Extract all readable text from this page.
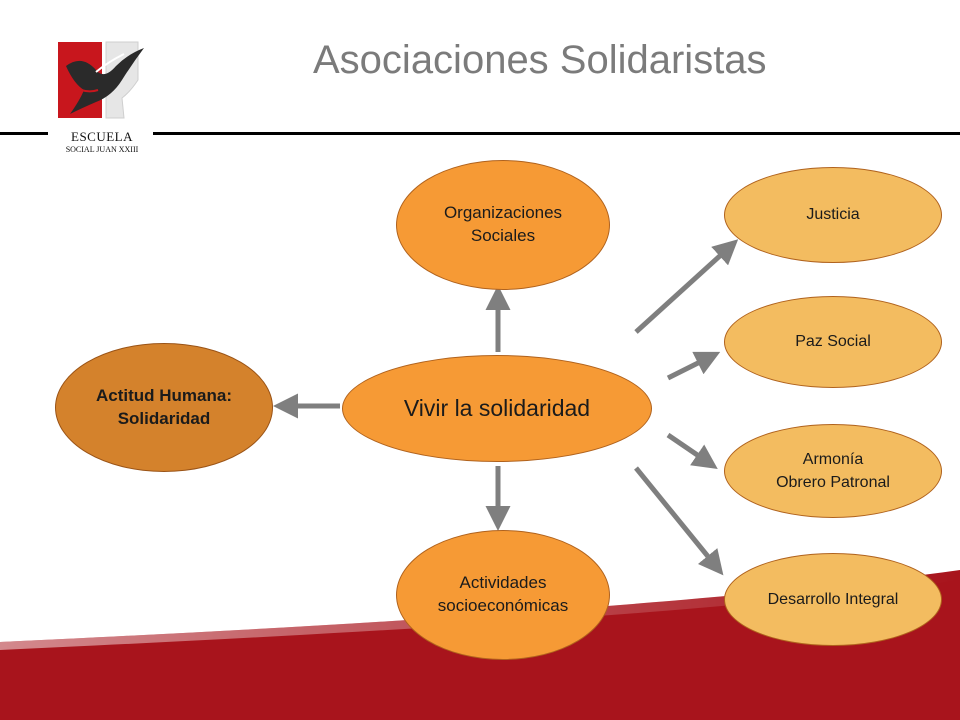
Asociaciones Solidaristas
ESCUELA
SOCIAL JUAN XXIII
Organizaciones
Sociales
Vivir la solidaridad
Actitud Humana:
Solidaridad
Actividades
socioeconómicas
Justicia
Paz Social
Armonía
Obrero Patronal
Desarrollo Integral
